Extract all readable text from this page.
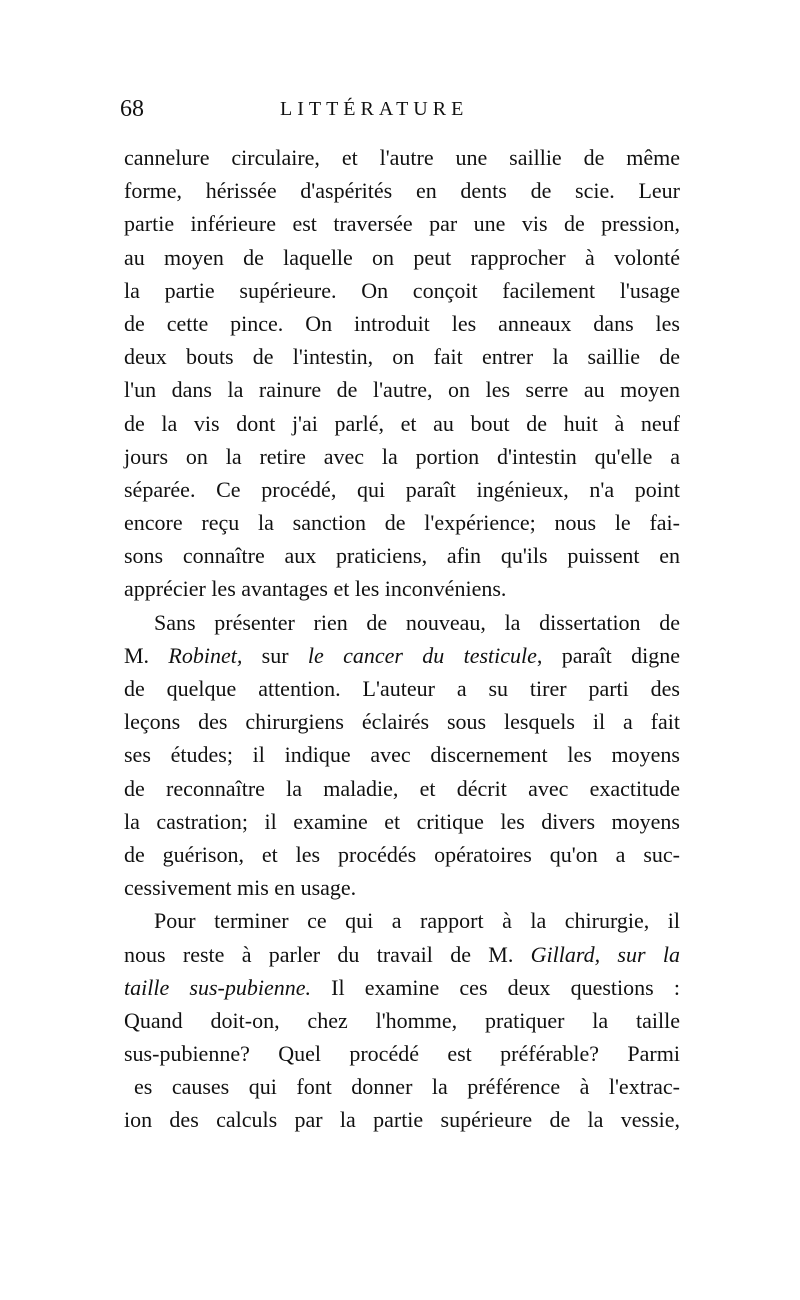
68	LITTÉRATURE
cannelure circulaire, et l'autre une saillie de même
forme, hérissée d'aspérités en dents de scie. Leur
partie inférieure est traversée par une vis de pression,
au moyen de laquelle on peut rapprocher à volonté
la partie supérieure. On conçoit facilement l'usage
de cette pince. On introduit les anneaux dans les
deux bouts de l'intestin, on fait entrer la saillie de
l'un dans la rainure de l'autre, on les serre au moyen
de la vis dont j'ai parlé, et au bout de huit à neuf
jours on la retire avec la portion d'intestin qu'elle a
séparée. Ce procédé, qui paraît ingénieux, n'a point
encore reçu la sanction de l'expérience; nous le fai-
sons connaître aux praticiens, afin qu'ils puissent en
apprécier les avantages et les inconvéniens.
Sans présenter rien de nouveau, la dissertation de
M. Robinet, sur le cancer du testicule, paraît digne
de quelque attention. L'auteur a su tirer parti des
leçons des chirurgiens éclairés sous lesquels il a fait
ses études; il indique avec discernement les moyens
de reconnaître la maladie, et décrit avec exactitude
la castration; il examine et critique les divers moyens
de guérison, et les procédés opératoires qu'on a suc-
cessivement mis en usage.
Pour terminer ce qui a rapport à la chirurgie, il
nous reste à parler du travail de M. Gillard, sur la
taille sus-pubienne. Il examine ces deux questions :
Quand doit-on, chez l'homme, pratiquer la taille
sus-pubienne? Quel procédé est préférable? Parmi
es causes qui font donner la préférence à l'extrac-
ion des calculs par la partie supérieure de la vessie,
